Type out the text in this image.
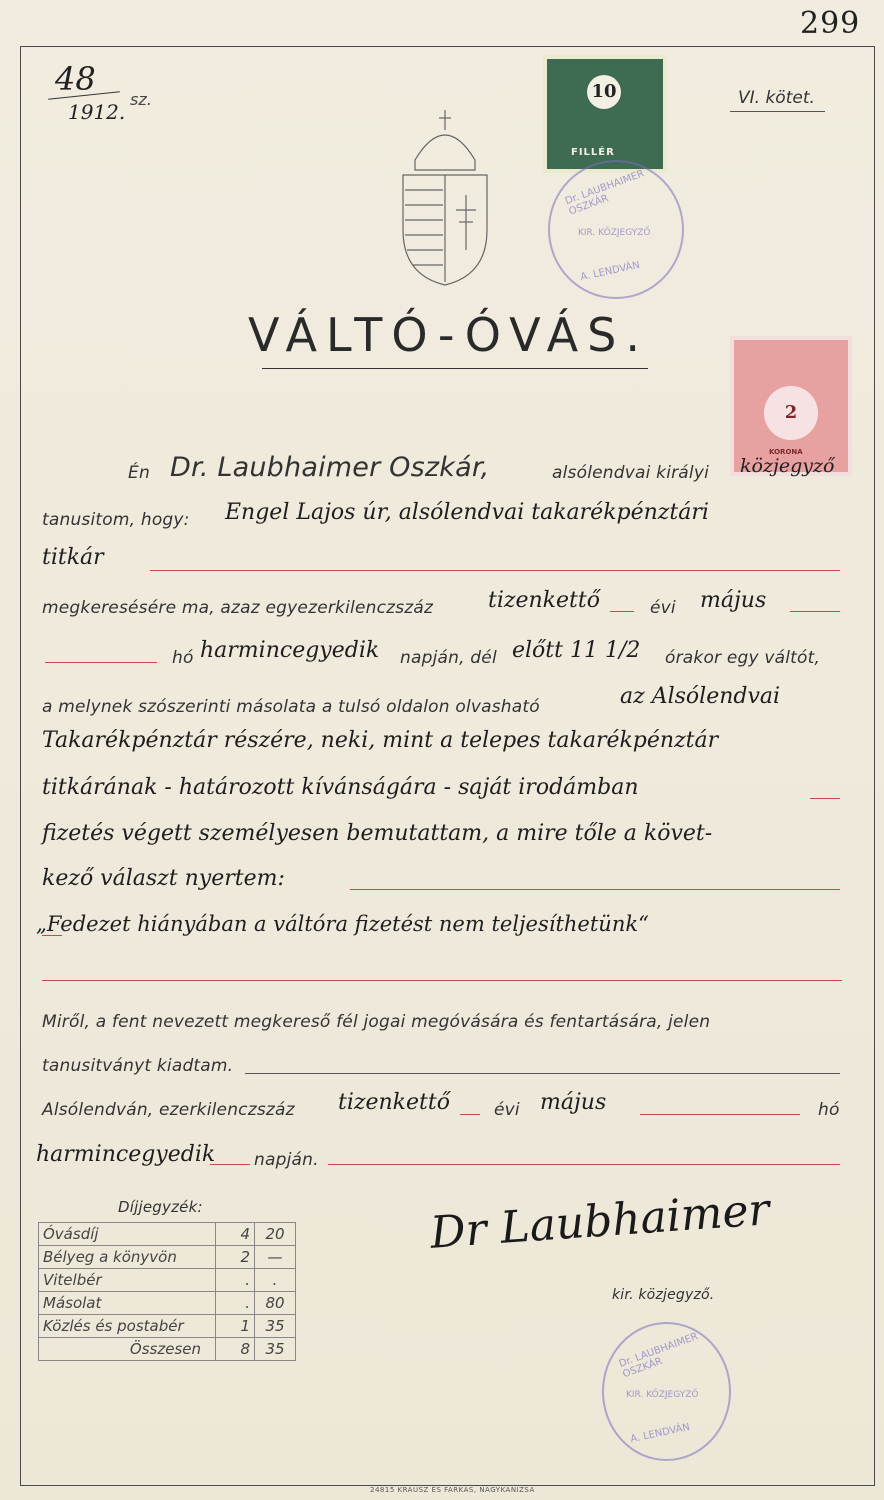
299
48
1912.
sz.	VI. kötet.
10
FILLÉR
2
KORONA
Dr. LAUBHAIMER OSZKÁR
KIR. KÖZJEGYZŐ
A. LENDVÁN
VÁLTÓ-ÓVÁS.
Én Dr. Laubhaimer Oszkár,	alsólendvai királyi közjegyző
tanusitom, hogy: Engel Lajos úr, alsólendvai takarékpénztári
titkár
megkeresésére ma, azaz egyezerkilenczszáz tizenkettő	évi május
hó harmincegyedik napján, dél előtt 11 1/2 órakor egy váltót,
a melynek szószerinti másolata a tulsó oldalon olvasható	az Alsólendvai
Takarékpénztár részére, neki, mint a telepes takarékpénztár
titkárának - határozott kívánságára - saját irodámban
fizetés végett személyesen bemutattam, a mire tőle a követ-
kező választ nyertem:
„Fedezet hiányában a váltóra fizetést nem teljesíthetünk“
Miről, a fent nevezett megkereső fél jogai megóvására és fentartására, jelen
tanusitványt kiadtam.
Alsólendván, ezerkilenczszáz tizenkettő	évi május	hó
harmincegyedik napján.
Dr Laubhaimer
kir. közjegyző.
Dr. LAUBHAIMER OSZKÁR
KIR. KÖZJEGYZŐ
A. LENDVÁN
Díjjegyzék:
Óvásdíj	4	20
Bélyeg a könyvön	2	—
Vitelbér	.	.
Másolat	.	80
Közlés és postabér	1	35
Összesen	8	35
24815 KRAUSZ ÉS FARKAS, NAGYKANIZSA
